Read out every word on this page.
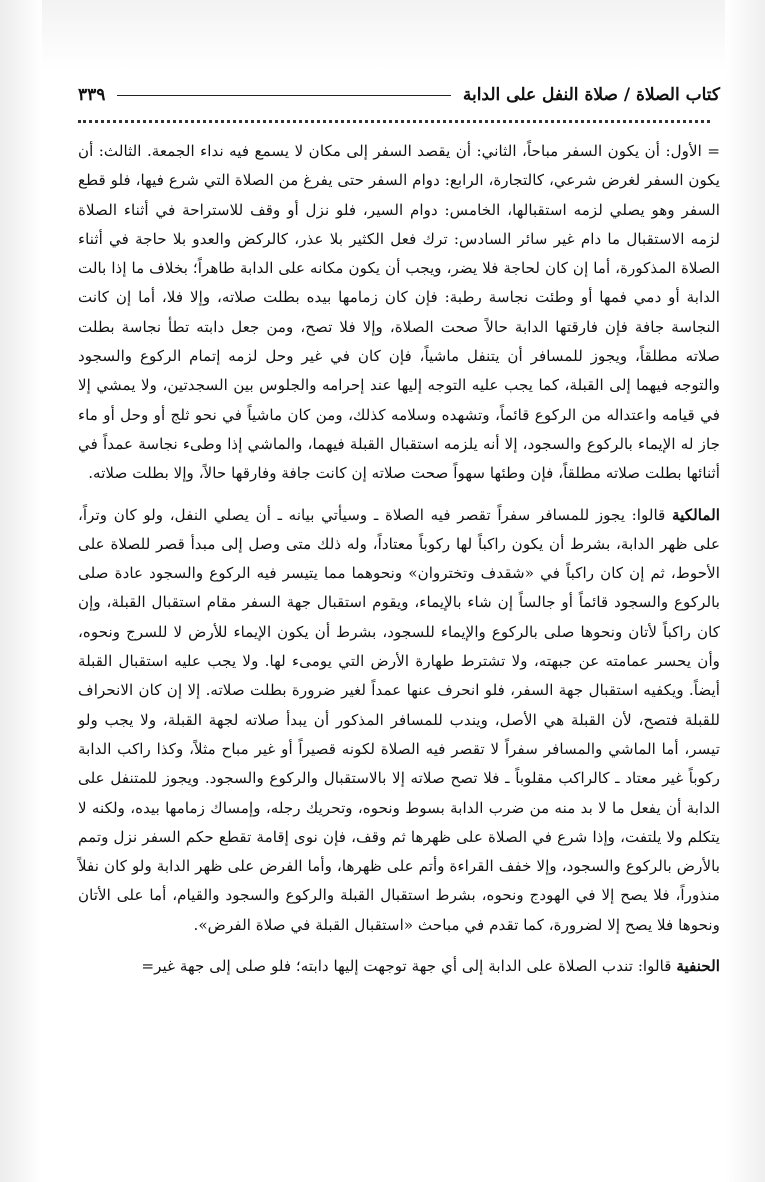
كتاب الصلاة / صلاة النفل على الدابة
٣٣٩

= الأول: أن يكون السفر مباحاً، الثاني: أن يقصد السفر إلى مكان لا يسمع فيه نداء الجمعة. الثالث: أن يكون السفر لغرض شرعي، كالتجارة، الرابع: دوام السفر حتى يفرغ من الصلاة التي شرع فيها، فلو قطع السفر وهو يصلي لزمه استقبالها، الخامس: دوام السير، فلو نزل أو وقف للاستراحة في أثناء الصلاة لزمه الاستقبال ما دام غير سائر السادس: ترك فعل الكثير بلا عذر، كالركض والعدو بلا حاجة في أثناء الصلاة المذكورة، أما إن كان لحاجة فلا يضر، ويجب أن يكون مكانه على الدابة طاهراً؛ بخلاف ما إذا بالت الدابة أو دمي فمها أو وطئت نجاسة رطبة: فإن كان زمامها بيده بطلت صلاته، وإلا فلا، أما إن كانت النجاسة جافة فإن فارقتها الدابة حالاً صحت الصلاة، وإلا فلا تصح، ومن جعل دابته تطأ نجاسة بطلت صلاته مطلقاً، ويجوز للمسافر أن يتنفل ماشياً، فإن كان في غير وحل لزمه إتمام الركوع والسجود والتوجه فيهما إلى القبلة، كما يجب عليه التوجه إليها عند إحرامه والجلوس بين السجدتين، ولا يمشي إلا في قيامه واعتداله من الركوع قائماً، وتشهده وسلامه كذلك، ومن كان ماشياً في نحو ثلج أو وحل أو ماء جاز له الإيماء بالركوع والسجود، إلا أنه يلزمه استقبال القبلة فيهما، والماشي إذا وطىء نجاسة عمداً في أثنائها بطلت صلاته مطلقاً، فإن وطئها سهواً صحت صلاته إن كانت جافة وفارقها حالاً، وإلا بطلت صلاته.

المالكية قالوا: يجوز للمسافر سفراً تقصر فيه الصلاة ـ وسيأتي بيانه ـ أن يصلي النفل، ولو كان وتراً، على ظهر الدابة، بشرط أن يكون راكباً لها ركوباً معتاداً، وله ذلك متى وصل إلى مبدأ قصر للصلاة على الأحوط، ثم إن كان راكباً في «شقدف وتختروان» ونحوهما مما يتيسر فيه الركوع والسجود عادة صلى بالركوع والسجود قائماً أو جالساً إن شاء بالإيماء، ويقوم استقبال جهة السفر مقام استقبال القبلة، وإن كان راكباً لأتان ونحوها صلى بالركوع والإيماء للسجود، بشرط أن يكون الإيماء للأرض لا للسرج ونحوه، وأن يحسر عمامته عن جبهته، ولا تشترط طهارة الأرض التي يومىء لها. ولا يجب عليه استقبال القبلة أيضاً. ويكفيه استقبال جهة السفر، فلو انحرف عنها عمداً لغير ضرورة بطلت صلاته. إلا إن كان الانحراف للقبلة فتصح، لأن القبلة هي الأصل، ويندب للمسافر المذكور أن يبدأ صلاته لجهة القبلة، ولا يجب ولو تيسر، أما الماشي والمسافر سفراً لا تقصر فيه الصلاة لكونه قصيراً أو غير مباح مثلاً، وكذا راكب الدابة ركوباً غير معتاد ـ كالراكب مقلوباً ـ فلا تصح صلاته إلا بالاستقبال والركوع والسجود. ويجوز للمتنفل على الدابة أن يفعل ما لا بد منه من ضرب الدابة بسوط ونحوه، وتحريك رجله، وإمساك زمامها بيده، ولكنه لا يتكلم ولا يلتفت، وإذا شرع في الصلاة على ظهرها ثم وقف، فإن نوى إقامة تقطع حكم السفر نزل وتمم بالأرض بالركوع والسجود، وإلا خفف القراءة وأتم على ظهرها، وأما الفرض على ظهر الدابة ولو كان نفلاً منذوراً، فلا يصح إلا في الهودج ونحوه، بشرط استقبال القبلة والركوع والسجود والقيام، أما على الأتان ونحوها فلا يصح إلا لضرورة، كما تقدم في مباحث «استقبال القبلة في صلاة الفرض».

الحنفية قالوا: تندب الصلاة على الدابة إلى أي جهة توجهت إليها دابته؛ فلو صلى إلى جهة غير=
